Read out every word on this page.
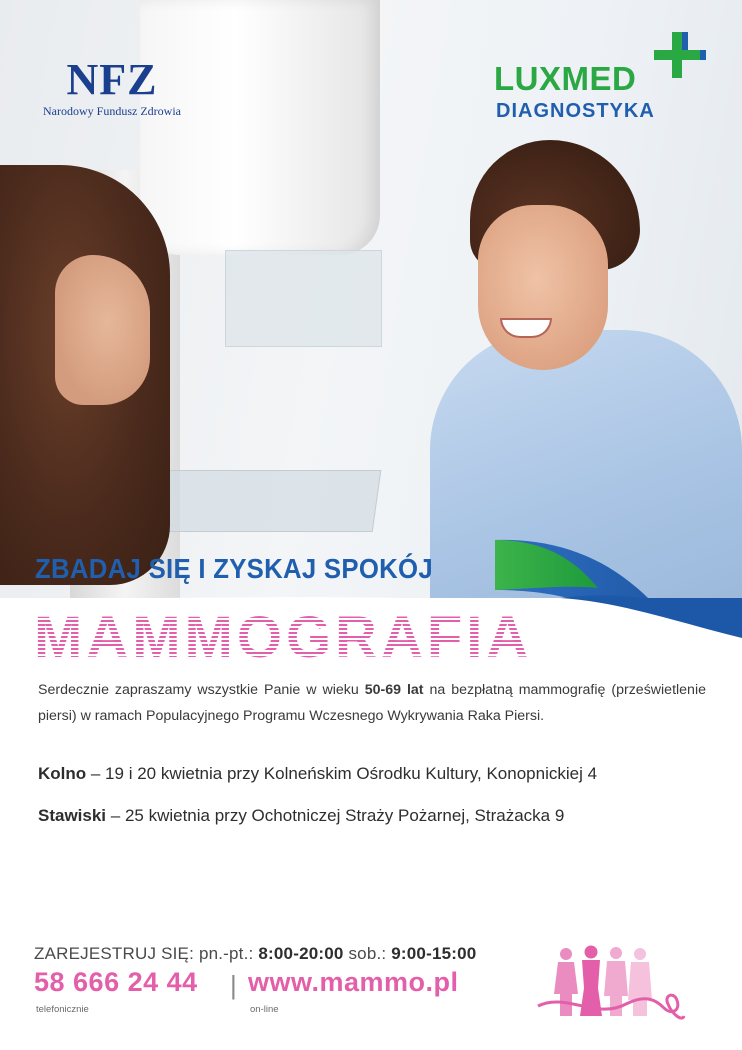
NFZ
Narodowy Fundusz Zdrowia
LUXMED
DIAGNOSTYKA
ZBADAJ SIĘ I ZYSKAJ SPOKÓJ
MAMMOGRAFIA
Serdecznie zapraszamy wszystkie Panie w wieku 50-69 lat na bezpłatną mammografię (prześwietlenie piersi) w ramach Populacyjnego Programu Wczesnego Wykrywania Raka Piersi.
Kolno – 19 i 20 kwietnia przy Kolneńskim Ośrodku Kultury, Konopnickiej 4
Stawiski – 25 kwietnia przy Ochotniczej Straży Pożarnej, Strażacka 9
ZAREJESTRUJ SIĘ: pn.-pt.: 8:00-20:00 sob.: 9:00-15:00
58 666 24 44 | www.mammo.pl
telefonicznie	on-line
